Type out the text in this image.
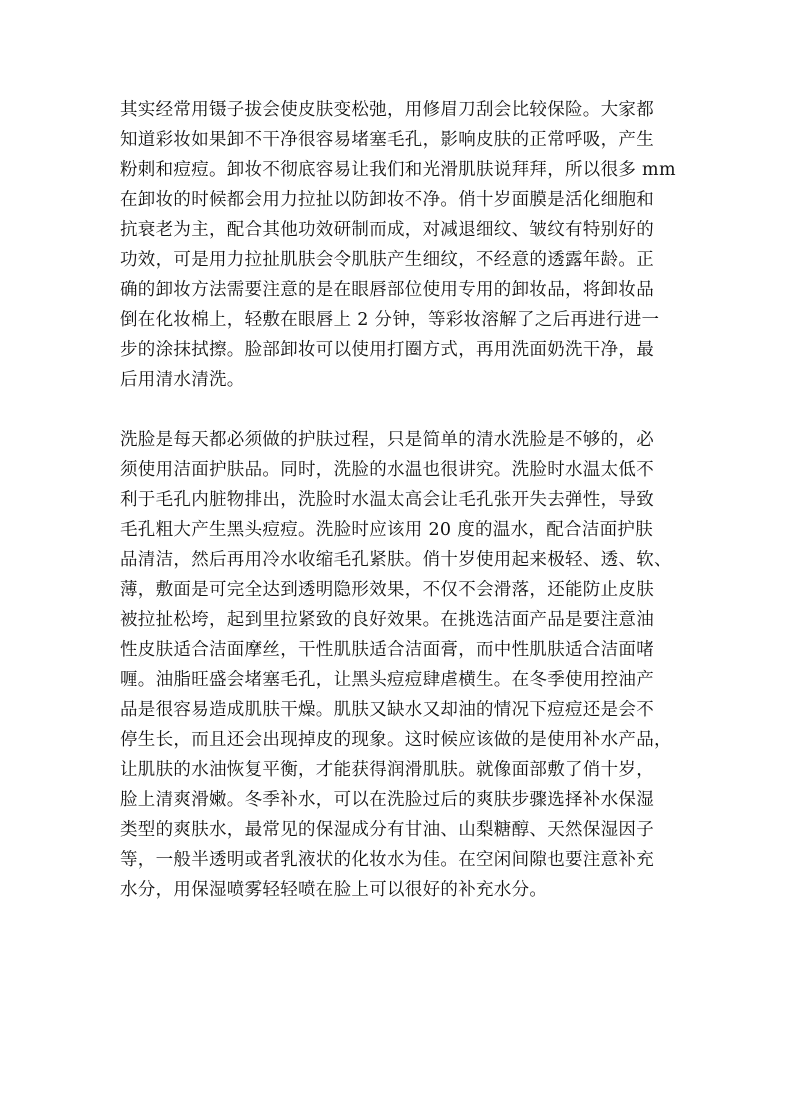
其实经常用镊子拔会使皮肤变松弛，用修眉刀刮会比较保险。大家都
知道彩妆如果卸不干净很容易堵塞毛孔，影响皮肤的正常呼吸，产生
粉刺和痘痘。卸妆不彻底容易让我们和光滑肌肤说拜拜，所以很多 mm
在卸妆的时候都会用力拉扯以防卸妆不净。俏十岁面膜是活化细胞和
抗衰老为主，配合其他功效研制而成，对减退细纹、皱纹有特别好的
功效，可是用力拉扯肌肤会令肌肤产生细纹，不经意的透露年龄。正
确的卸妆方法需要注意的是在眼唇部位使用专用的卸妆品，将卸妆品
倒在化妆棉上，轻敷在眼唇上 2 分钟，等彩妆溶解了之后再进行进一
步的涂抹拭擦。脸部卸妆可以使用打圈方式，再用洗面奶洗干净，最
后用清水清洗。

洗脸是每天都必须做的护肤过程，只是简单的清水洗脸是不够的，必
须使用洁面护肤品。同时，洗脸的水温也很讲究。洗脸时水温太低不
利于毛孔内脏物排出，洗脸时水温太高会让毛孔张开失去弹性，导致
毛孔粗大产生黑头痘痘。洗脸时应该用 20 度的温水，配合洁面护肤
品清洁，然后再用冷水收缩毛孔紧肤。俏十岁使用起来极轻、透、软、
薄，敷面是可完全达到透明隐形效果，不仅不会滑落，还能防止皮肤
被拉扯松垮，起到里拉紧致的良好效果。在挑选洁面产品是要注意油
性皮肤适合洁面摩丝，干性肌肤适合洁面膏，而中性肌肤适合洁面啫
喱。油脂旺盛会堵塞毛孔，让黑头痘痘肆虐横生。在冬季使用控油产
品是很容易造成肌肤干燥。肌肤又缺水又却油的情况下痘痘还是会不
停生长，而且还会出现掉皮的现象。这时候应该做的是使用补水产品，
让肌肤的水油恢复平衡，才能获得润滑肌肤。就像面部敷了俏十岁，
脸上清爽滑嫩。冬季补水，可以在洗脸过后的爽肤步骤选择补水保湿
类型的爽肤水，最常见的保湿成分有甘油、山梨糖醇、天然保湿因子
等，一般半透明或者乳液状的化妆水为佳。在空闲间隙也要注意补充
水分，用保湿喷雾轻轻喷在脸上可以很好的补充水分。
